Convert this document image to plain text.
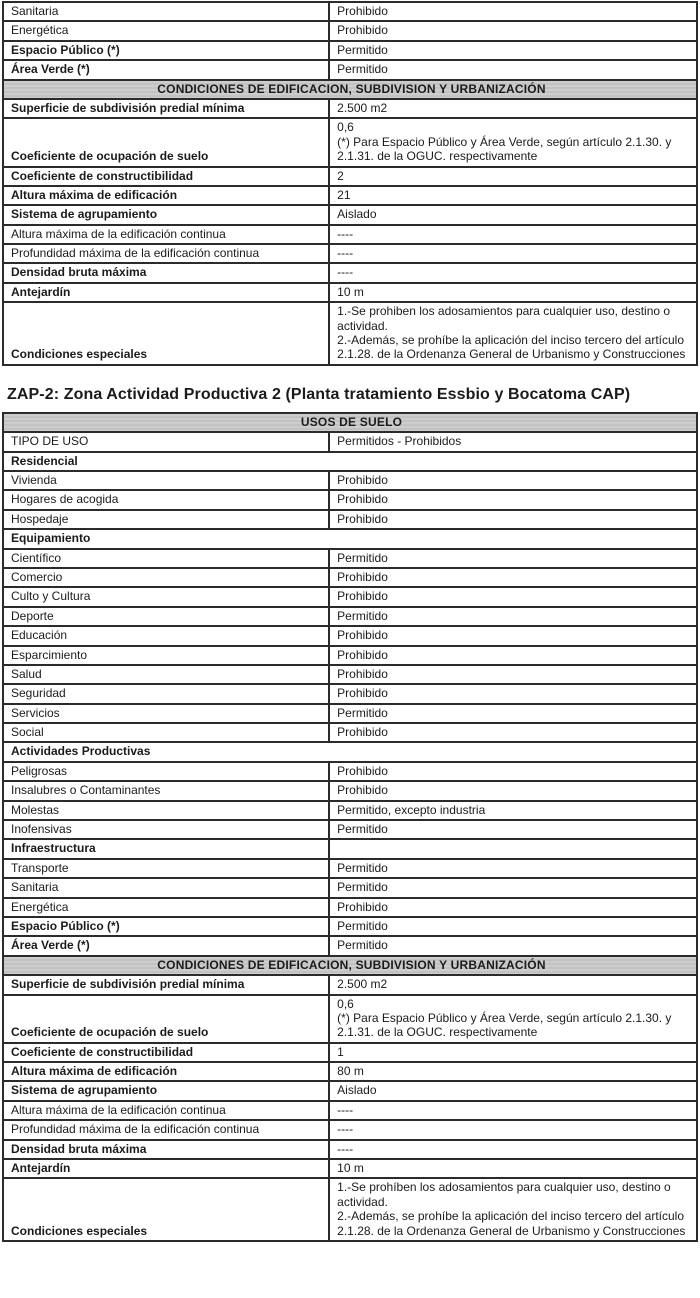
Sanitaria	Prohibido

Energética	Prohibido

Espacio Público (*)	Permitido

Área Verde (*)	Permitido

CONDICIONES DE EDIFICACION, SUBDIVISION Y URBANIZACIÓN	
Superficie de subdivisión predial mínima	2.500 m2

Coeficiente de ocupación de suelo	0,6
(*) Para Espacio Público y Área Verde, según artículo 2.1.30. y 2.1.31. de la OGUC. respectivamente

Coeficiente de constructibilidad	2

Altura máxima de edificación	21

Sistema de agrupamiento	Aislado

Altura máxima de la edificación continua	----

Profundidad máxima de la edificación continua	----

Densidad bruta máxima	----

Antejardín	10 m

Condiciones especiales	1.-Se prohiben los adosamientos para cualquier uso, destino o actividad.
2.-Además, se prohíbe la aplicación del inciso tercero del artículo 2.1.28. de la Ordenanza General de Urbanismo y Construcciones
ZAP-2: Zona Actividad Productiva 2 (Planta tratamiento Essbio y Bocatoma CAP)
USOS DE SUELO	
TIPO DE USO	Permitidos - Prohibidos

Residencial	
Vivienda	Prohibido

Hogares de acogida	Prohibido

Hospedaje	Prohibido

Equipamiento	
Científico	Permitido

Comercio	Prohibido

Culto y Cultura	Prohibido

Deporte	Permitido

Educación	Prohibido

Esparcimiento	Prohibido

Salud	Prohibido

Seguridad	Prohibido

Servicios	Permitido

Social	Prohibido

Actividades Productivas	
Peligrosas	Prohibido

Insalubres o Contaminantes	Prohibido

Molestas	Permitido, excepto industria

Inofensivas	Permitido

Infraestructura	

Transporte	Permitido

Sanitaria	Permitido

Energética	Prohibido

Espacio Público (*)	Permitido

Área Verde (*)	Permitido

CONDICIONES DE EDIFICACION, SUBDIVISION Y URBANIZACIÓN	
Superficie de subdivisión predial mínima	2.500 m2

Coeficiente de ocupación de suelo	0,6
(*) Para Espacio Público y Área Verde, según artículo 2.1.30. y 2.1.31. de la OGUC. respectivamente

Coeficiente de constructibilidad	1

Altura máxima de edificación	80 m

Sistema de agrupamiento	Aislado

Altura máxima de la edificación continua	----

Profundidad máxima de la edificación continua	----

Densidad bruta máxima	----

Antejardín	10 m

Condiciones especiales	1.-Se prohíben los adosamientos para cualquier uso, destino o actividad.
2.-Además, se prohíbe la aplicación del inciso tercero del artículo 2.1.28. de la Ordenanza General de Urbanismo y Construcciones
